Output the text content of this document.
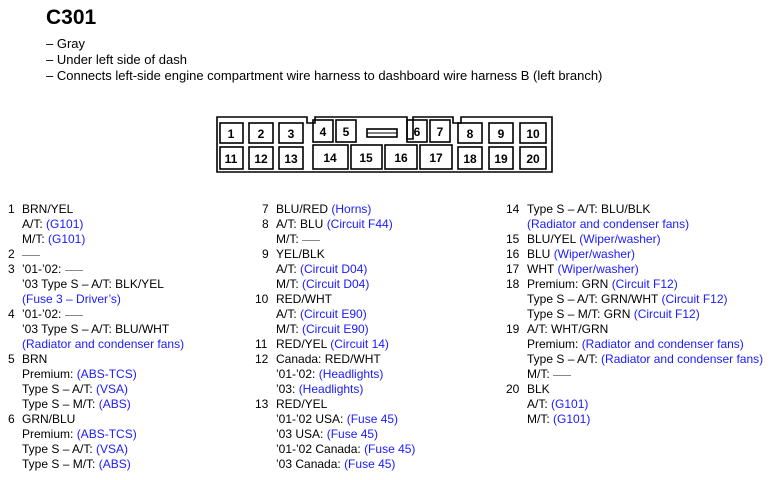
C301
– Gray
– Under left side of dash
– Connects left-side engine compartment wire harness to dashboard wire harness B (left branch)
1 2 3 4 5	6 7 8 9 10
11 12 13 14 15 16 17 18 19 20
1 BRN/YEL
A/T: (G101)
M/T: (G101)
2
3 ’01-’02:
’03 Type S – A/T: BLK/YEL
(Fuse 3 – Driver’s)
4 ’01-’02:
’03 Type S – A/T: BLU/WHT
(Radiator and condenser fans)
5 BRN
Premium: (ABS-TCS)
Type S – A/T: (VSA)
Type S – M/T: (ABS)
6 GRN/BLU
Premium: (ABS-TCS)
Type S – A/T: (VSA)
Type S – M/T: (ABS)
7 BLU/RED (Horns)
8 A/T: BLU (Circuit F44)
M/T:
9 YEL/BLK
A/T: (Circuit D04)
M/T: (Circuit D04)
10 RED/WHT
A/T: (Circuit E90)
M/T: (Circuit E90)
11 RED/YEL (Circuit 14)
12 Canada: RED/WHT
’01-’02: (Headlights)
’03: (Headlights)
13 RED/YEL
’01-’02 USA: (Fuse 45)
’03 USA: (Fuse 45)
’01-’02 Canada: (Fuse 45)
’03 Canada: (Fuse 45)
14 Type S – A/T: BLU/BLK
(Radiator and condenser fans)
15 BLU/YEL (Wiper/washer)
16 BLU (Wiper/washer)
17 WHT (Wiper/washer)
18 Premium: GRN (Circuit F12)
Type S – A/T: GRN/WHT (Circuit F12)
Type S – M/T: GRN (Circuit F12)
19 A/T: WHT/GRN
Premium: (Radiator and condenser fans)
Type S – A/T: (Radiator and condenser fans)
M/T:
20 BLK
A/T: (G101)
M/T: (G101)
